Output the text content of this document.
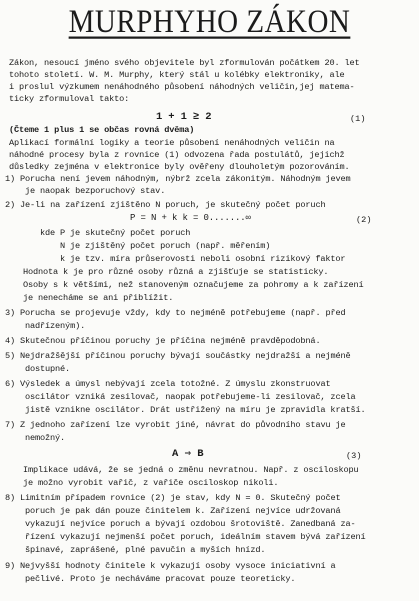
MURPHYHO ZÁKON
Zákon, nesoucí jméno svého objevitele byl zformulován počátkem 20. let
tohoto století. W. M. Murphy, který stál u kolébky elektroniky, ale
i proslul výzkumem nenáhodného působení náhodných veličin,jej matema-
ticky zformuloval takto:
1 + 1 ≥ 2	(1)
(Čteme 1 plus 1 se občas rovná dvěma)
Aplikací formální logiky a teorie působení nenáhodných veličin na
náhodné procesy byla z rovnice (1) odvozena řada postulátů, jejichž
důsledky zejména v elektronice byly ověřeny dlouholetým pozorováním.
1) Porucha není jevem náhodným, nýbrž zcela zákonitým. Náhodným jevem
je naopak bezporuchový stav.
2) Je-li na zařízení zjištěno N poruch, je skutečný počet poruch
P = N + k k = 0.......∞	(2)
kde P je skutečný počet poruch
N je zjištěný počet poruch (např. měřením)
k je tzv. míra průserovosti neboli osobní rizikový faktor
Hodnota k je pro různé osoby různá a zjišťuje se statisticky.
Osoby s k většími, než stanoveným označujeme za pohromy a k zařízení
je nenecháme se ani přiblížit.
3) Porucha se projevuje vždy, kdy to nejméně potřebujeme (např. před
nadřízeným).
4) Skutečnou příčinou poruchy je příčina nejméně pravděpodobná.
5) Nejdražšější příčinou poruchy bývají součástky nejdražší a nejméně
dostupné.
6) Výsledek a úmysl nebývají zcela totožné. Z úmyslu zkonstruovat
oscilátor vzniká zesilovač, naopak potřebujeme-li zesilovač, zcela
jistě vznikne oscilátor. Drát ustřižený na míru je zpravidla kratší.
7) Z jednoho zařízení lze vyrobit jiné, návrat do původního stavu je
nemožný.
A ⇒ B	(3)
Implikace udává, že se jedná o změnu nevratnou. Např. z osciloskopu
je možno vyrobit vařič, z vařiče osciloskop nikoli.
8) Limitním případem rovnice (2) je stav, kdy N = 0. Skutečný počet
poruch je pak dán pouze činitelem k. Zařízení nejvíce udržovaná
vykazují nejvíce poruch a bývají ozdobou šrotoviště. Zanedbaná za-
řízení vykazují nejmenší počet poruch, ideálním stavem bývá zařízení
špinavé, zaprášené, plné pavučin a myších hnízd.
9) Nejvyšší hodnoty činitele k vykazují osoby vysoce iniciativní a
pečlivé. Proto je necháváme pracovat pouze teoreticky.
